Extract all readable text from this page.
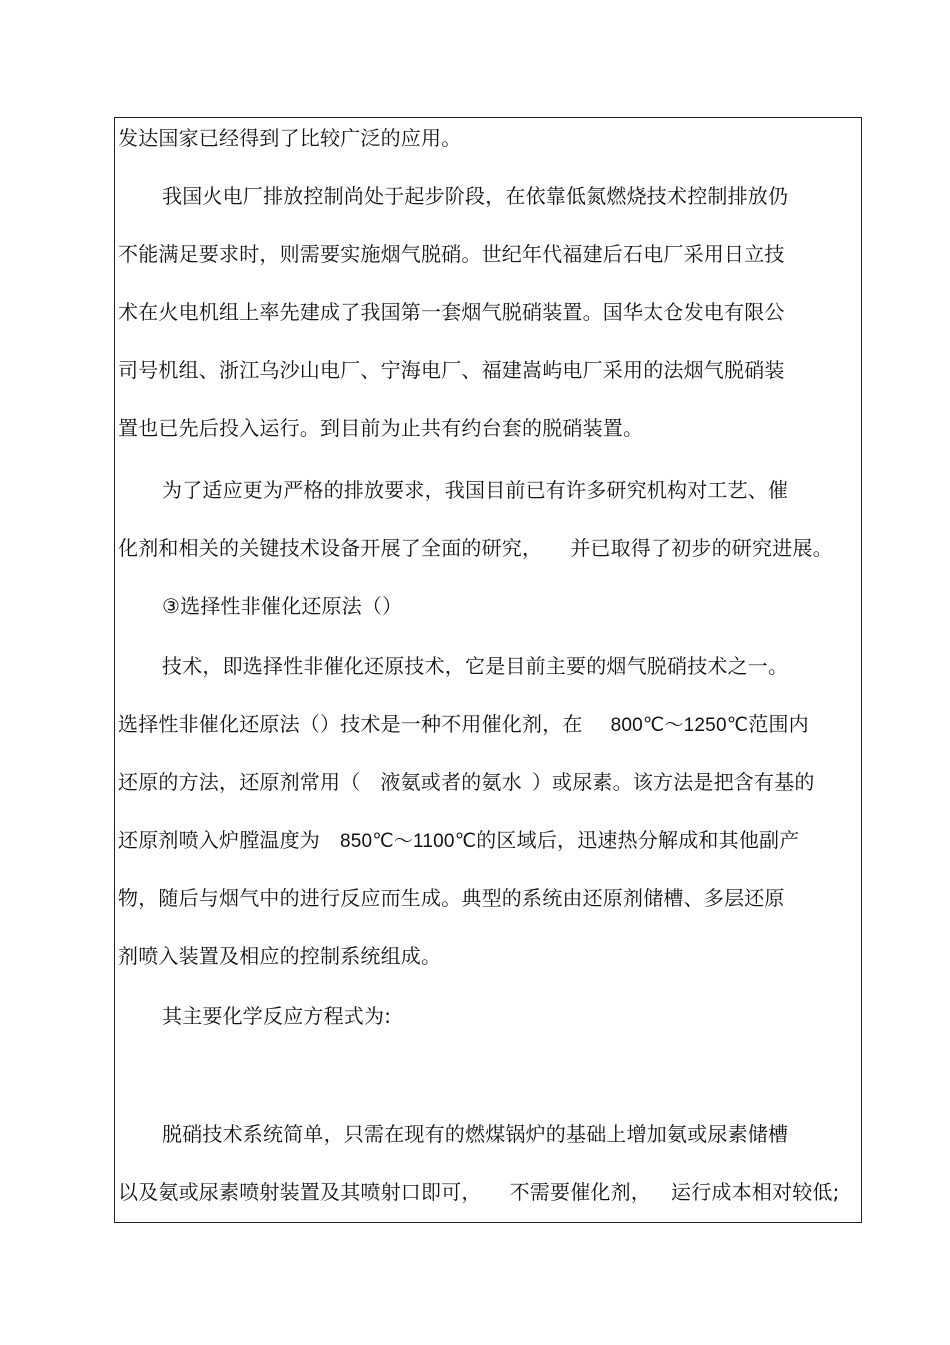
发达国家已经得到了比较广泛的应用。
我国火电厂排放控制尚处于起步阶段，在依靠低氮燃烧技术控制排放仍
不能满足要求时，则需要实施烟气脱硝。世纪年代福建后石电厂采用日立技
术在火电机组上率先建成了我国第一套烟气脱硝装置。国华太仓发电有限公
司号机组、浙江乌沙山电厂、宁海电厂、福建嵩屿电厂采用的法烟气脱硝装
置也已先后投入运行。到目前为止共有约台套的脱硝装置。
为了适应更为严格的排放要求，我国目前已有许多研究机构对工艺、催
化剂和相关的关键技术设备开展了全面的研究， 并已取得了初步的研究进展。
③选择性非催化还原法（）
技术，即选择性非催化还原技术，它是目前主要的烟气脱硝技术之一。
选择性非催化还原法（）技术是一种不用催化剂，在 800℃～1250℃范围内
还原的方法，还原剂常用（ 液氨或者的氨水 ）或尿素。该方法是把含有基的
还原剂喷入炉膛温度为 850℃～1100℃的区域后，迅速热分解成和其他副产
物，随后与烟气中的进行反应而生成。典型的系统由还原剂储槽、多层还原
剂喷入装置及相应的控制系统组成。
其主要化学反应方程式为:
脱硝技术系统简单，只需在现有的燃煤锅炉的基础上增加氨或尿素储槽
以及氨或尿素喷射装置及其喷射口即可， 不需要催化剂， 运行成本相对较低;
